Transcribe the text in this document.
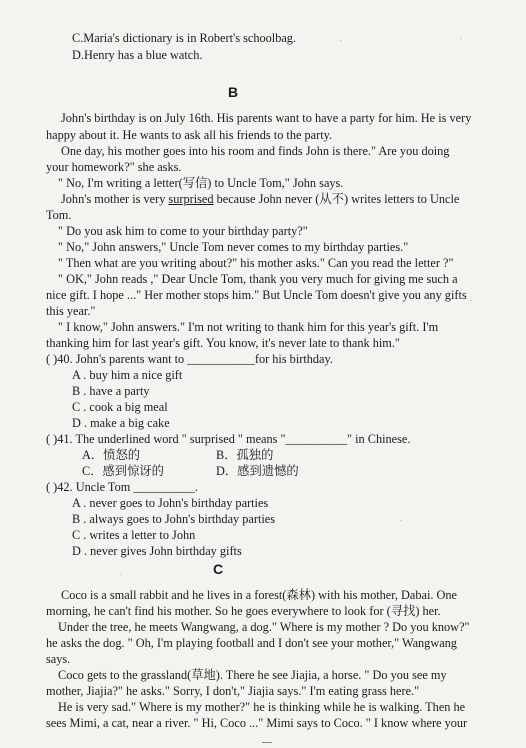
C.Maria's dictionary is in Robert's schoolbag.
D.Henry has a blue watch.
B
John's birthday is on July 16th. His parents want to have a party for him. He is very
happy about it. He wants to ask all his friends to the party.
One day, his mother goes into his room and finds John is there." Are you doing
your homework?" she asks.
" No, I'm writing a letter(写信) to Uncle Tom," John says.
John's mother is very surprised because John never (从不) writes letters to Uncle
Tom.
" Do you ask him to come to your birthday party?"
" No," John answers," Uncle Tom never comes to my birthday parties."
" Then what are you writing about?" his mother asks." Can you read the letter ?"
" OK," John reads ," Dear Uncle Tom, thank you very much for giving me such a
nice gift. I hope ..." Her mother stops him." But Uncle Tom doesn't give you any gifts
this year."
" I know," John answers." I'm not writing to thank him for this year's gift. I'm
thanking him for last year's gift. You know, it's never late to thank him."
( )40. John's parents want to ___________for his birthday.
A . buy him a nice gift
B . have a party
C . cook a big meal
D . make a big cake
( )41. The underlined word " surprised " means "__________" in Chinese.
A．愤怒的	B．孤独的
C．感到惊讶的	D．感到遗憾的
( )42. Uncle Tom __________.
A . never goes to John's birthday parties
B . always goes to John's birthday parties
C . writes a letter to John
D . never gives John birthday gifts
C
Coco is a small rabbit and he lives in a forest(森林) with his mother, Dabai. One
morning, he can't find his mother. So he goes everywhere to look for (寻找) her.
Under the tree, he meets Wangwang, a dog." Where is my mother ? Do you know?"
he asks the dog. " Oh, I'm playing football and I don't see your mother," Wangwang
says.
Coco gets to the grassland(草地). There he see Jiajia, a horse. " Do you see my
mother, Jiajia?" he asks." Sorry, I don't," Jiajia says." I'm eating grass here."
He is very sad." Where is my mother?" he is thinking while he is walking. Then he
sees Mimi, a cat, near a river. " Hi, Coco ..." Mimi says to Coco. " I know where your
—
